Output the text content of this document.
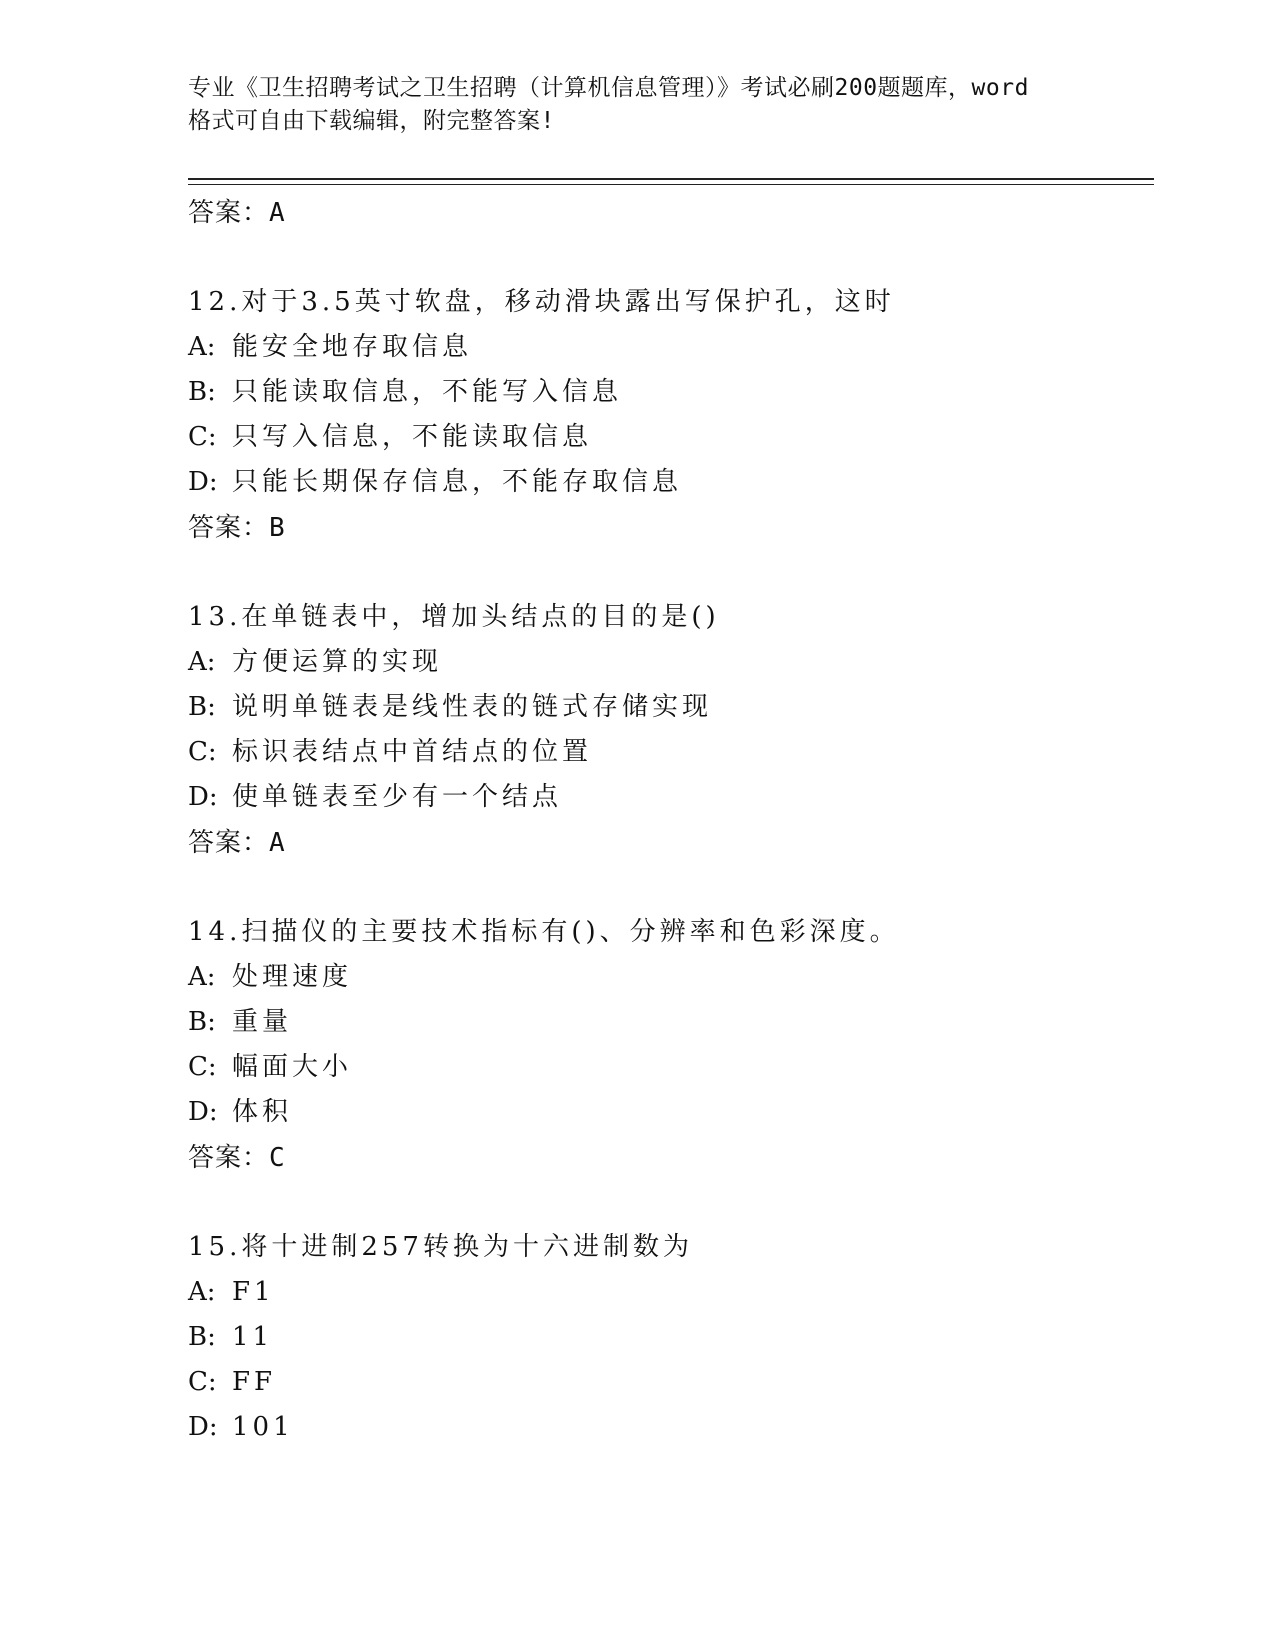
专业《卫生招聘考试之卫生招聘（计算机信息管理）》考试必刷200题题库，word
格式可自由下载编辑，附完整答案!
答案：A
12.对于3.5英寸软盘，移动滑块露出写保护孔，这时
A: 能安全地存取信息
B: 只能读取信息，不能写入信息
C: 只写入信息，不能读取信息
D: 只能长期保存信息，不能存取信息
答案：B
13.在单链表中，增加头结点的目的是()
A: 方便运算的实现
B: 说明单链表是线性表的链式存储实现
C: 标识表结点中首结点的位置
D: 使单链表至少有一个结点
答案：A
14.扫描仪的主要技术指标有()、分辨率和色彩深度。
A: 处理速度
B: 重量
C: 幅面大小
D: 体积
答案：C
15.将十进制257转换为十六进制数为
A: F1
B: 11
C: FF
D: 101
